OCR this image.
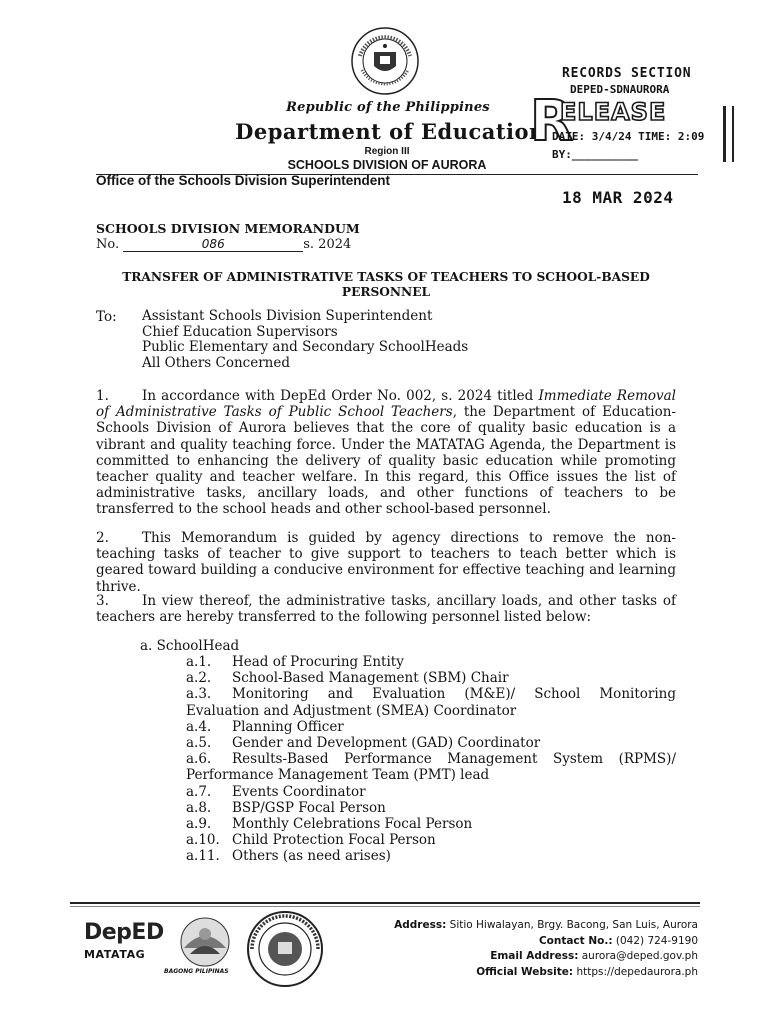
Republic of the Philippines
Department of Education
Region III
SCHOOLS DIVISION OF AURORA
Office of the Schools Division Superintendent
RECORDS SECTION
DEPED-SDNAURORA
R
ELEASE
DATE: 3/4/24 TIME: 2:09
BY:__________
18 MAR 2024
SCHOOLS DIVISION MEMORANDUM
No.	086	s. 2024
TRANSFER OF ADMINISTRATIVE TASKS OF TEACHERS TO SCHOOL-BASED PERSONNEL
To: Assistant Schools Division Superintendent
Chief Education Supervisors
Public Elementary and Secondary SchoolHeads
All Others Concerned
1. In accordance with DepEd Order No. 002, s. 2024 titled Immediate Removal of Administrative Tasks of Public School Teachers, the Department of Education-Schools Division of Aurora believes that the core of quality basic education is a vibrant and quality teaching force. Under the MATATAG Agenda, the Department is committed to enhancing the delivery of quality basic education while promoting teacher quality and teacher welfare. In this regard, this Office issues the list of administrative tasks, ancillary loads, and other functions of teachers to be transferred to the school heads and other school-based personnel.
2. This Memorandum is guided by agency directions to remove the non-teaching tasks of teacher to give support to teachers to teach better which is geared toward building a conducive environment for effective teaching and learning thrive.
3. In view thereof, the administrative tasks, ancillary loads, and other tasks of teachers are hereby transferred to the following personnel listed below:
a. SchoolHead
a.1.	Head of Procuring Entity
a.2.	School-Based Management (SBM) Chair
a.3. Monitoring and Evaluation (M&E)/ School Monitoring Evaluation and Adjustment (SMEA) Coordinator
a.4.	Planning Officer
a.5.	Gender and Development (GAD) Coordinator
a.6. Results-Based Performance Management System (RPMS)/ Performance Management Team (PMT) lead
a.7.	Events Coordinator
a.8.	BSP/GSP Focal Person
a.9.	Monthly Celebrations Focal Person
a.10. Child Protection Focal Person
a.11. Others (as need arises)
DepED
MATATAG
BAGONG PILIPINAS
Address: Sitio Hiwalayan, Brgy. Bacong, San Luis, Aurora
Contact No.: (042) 724-9190
Email Address: aurora@deped.gov.ph
Official Website: https://depedaurora.ph
